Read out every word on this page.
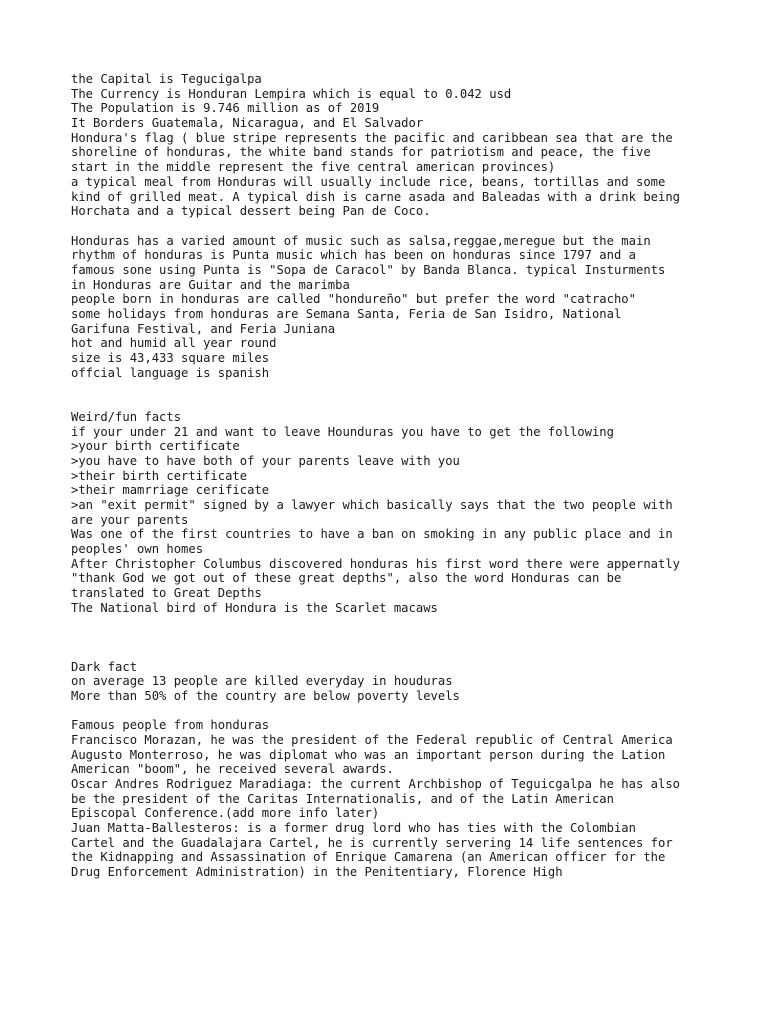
the Capital is Tegucigalpa
The Currency is Honduran Lempira which is equal to 0.042 usd
The Population is 9.746 million as of 2019
It Borders Guatemala, Nicaragua, and El Salvador
Hondura's flag ( blue stripe represents the pacific and caribbean sea that are the
shoreline of honduras, the white band stands for patriotism and peace, the five
start in the middle represent the five central american provinces)
a typical meal from Honduras will usually include rice, beans, tortillas and some
kind of grilled meat. A typical dish is carne asada and Baleadas with a drink being
Horchata and a typical dessert being Pan de Coco.
Honduras has a varied amount of music such as salsa,reggae,meregue but the main
rhythm of honduras is Punta music which has been on honduras since 1797 and a
famous sone using Punta is "Sopa de Caracol" by Banda Blanca. typical Insturments
in Honduras are Guitar and the marimba
people born in honduras are called "hondureño" but prefer the word "catracho"
some holidays from honduras are Semana Santa, Feria de San Isidro, National
Garifuna Festival, and Feria Juniana
hot and humid all year round
size is 43,433 square miles
offcial language is spanish
Weird/fun facts
if your under 21 and want to leave Hounduras you have to get the following
>your birth certificate
>you have to have both of your parents leave with you
>their birth certificate
>their mamrriage cerificate
>an "exit permit" signed by a lawyer which basically says that the two people with
are your parents
Was one of the first countries to have a ban on smoking in any public place and in
peoples' own homes
After Christopher Columbus discovered honduras his first word there were appernatly
"thank God we got out of these great depths", also the word Honduras can be
translated to Great Depths
The National bird of Hondura is the Scarlet macaws
Dark fact
on average 13 people are killed everyday in houduras
More than 50% of the country are below poverty levels
Famous people from honduras
Francisco Morazan, he was the president of the Federal republic of Central America
Augusto Monterroso, he was diplomat who was an important person during the Lation
American "boom", he received several awards.
Oscar Andres Rodriguez Maradiaga: the current Archbishop of Teguicgalpa he has also
be the president of the Caritas Internationalis, and of the Latin American
Episcopal Conference.(add more info later)
Juan Matta-Ballesteros: is a former drug lord who has ties with the Colombian
Cartel and the Guadalajara Cartel, he is currently servering 14 life sentences for
the Kidnapping and Assassination of Enrique Camarena (an American officer for the
Drug Enforcement Administration) in the Penitentiary, Florence High
